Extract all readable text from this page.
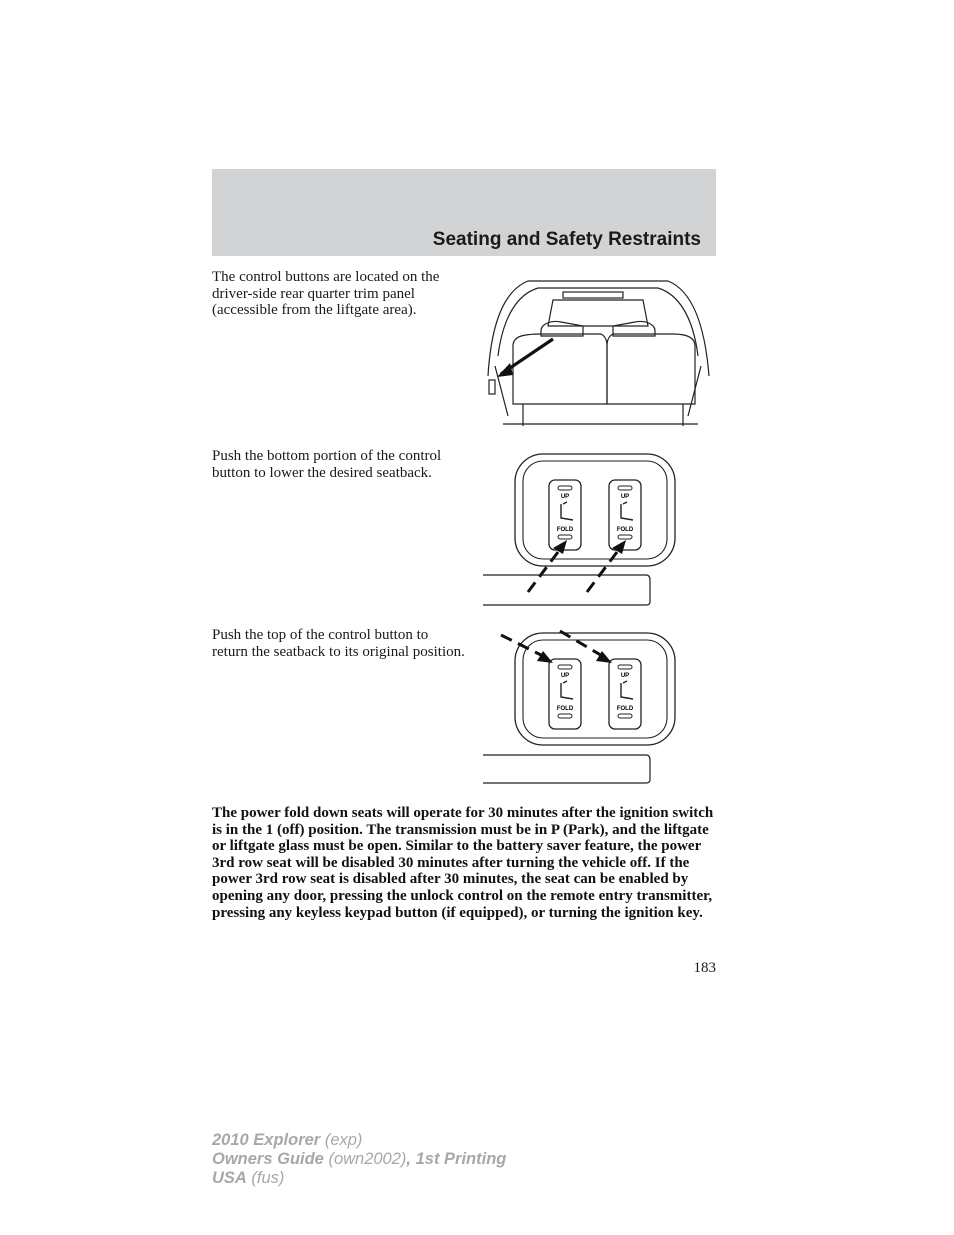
Seating and Safety Restraints
The control buttons are located on the driver-side rear quarter trim panel (accessible from the liftgate area).
Push the bottom portion of the control button to lower the desired seatback.
Push the top of the control button to return the seatback to its original position.
UP	UP
FOLD	FOLD
UP	UP
FOLD	FOLD
The power fold down seats will operate for 30 minutes after the ignition switch is in the 1 (off) position. The transmission must be in P (Park), and the liftgate or liftgate glass must be open. Similar to the battery saver feature, the power 3rd row seat will be disabled 30 minutes after turning the vehicle off. If the power 3rd row seat is disabled after 30 minutes, the seat can be enabled by opening any door, pressing the unlock control on the remote entry transmitter, pressing any keyless keypad button (if equipped), or turning the ignition key.
183
2010 Explorer (exp)
Owners Guide (own2002), 1st Printing
USA (fus)
